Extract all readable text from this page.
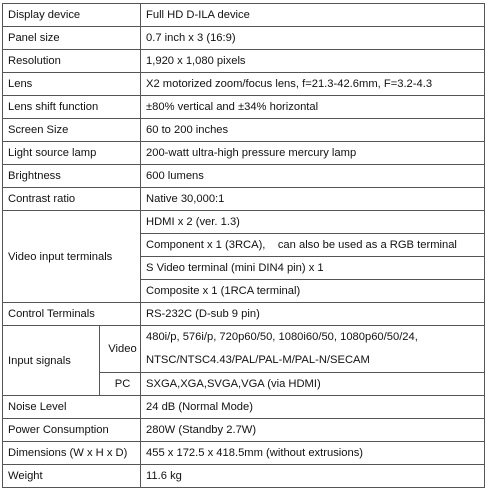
Display device		Full HD D-ILA device
Panel size		0.7 inch x 3 (16:9)
Resolution		1,920 x 1,080 pixels
Lens		X2 motorized zoom/focus lens, f=21.3-42.6mm, F=3.2-4.3
Lens shift function		±80% vertical and ±34% horizontal
Screen Size		60 to 200 inches
Light source lamp		200-watt ultra-high pressure mercury lamp
Brightness		600 lumens
Contrast ratio		Native 30,000:1
Video input terminals		HDMI x 2 (ver. 1.3)
		Component x 1 (3RCA),    can also be used as a RGB terminal
		S Video terminal (mini DIN4 pin) x 1
		Composite x 1 (1RCA terminal)
Control Terminals		RS-232C (D-sub 9 pin)
Input signals	Video	480i/p, 576i/p, 720p60/50, 1080i60/50, 1080p60/50/24,
NTSC/NTSC4.43/PAL/PAL-M/PAL-N/SECAM

	PC	SXGA,XGA,SVGA,VGA (via HDMI)
Noise Level		24 dB (Normal Mode)
Power Consumption		280W (Standby 2.7W)
Dimensions (W x H x D)		455 x 172.5 x 418.5mm (without extrusions)
Weight		11.6 kg
